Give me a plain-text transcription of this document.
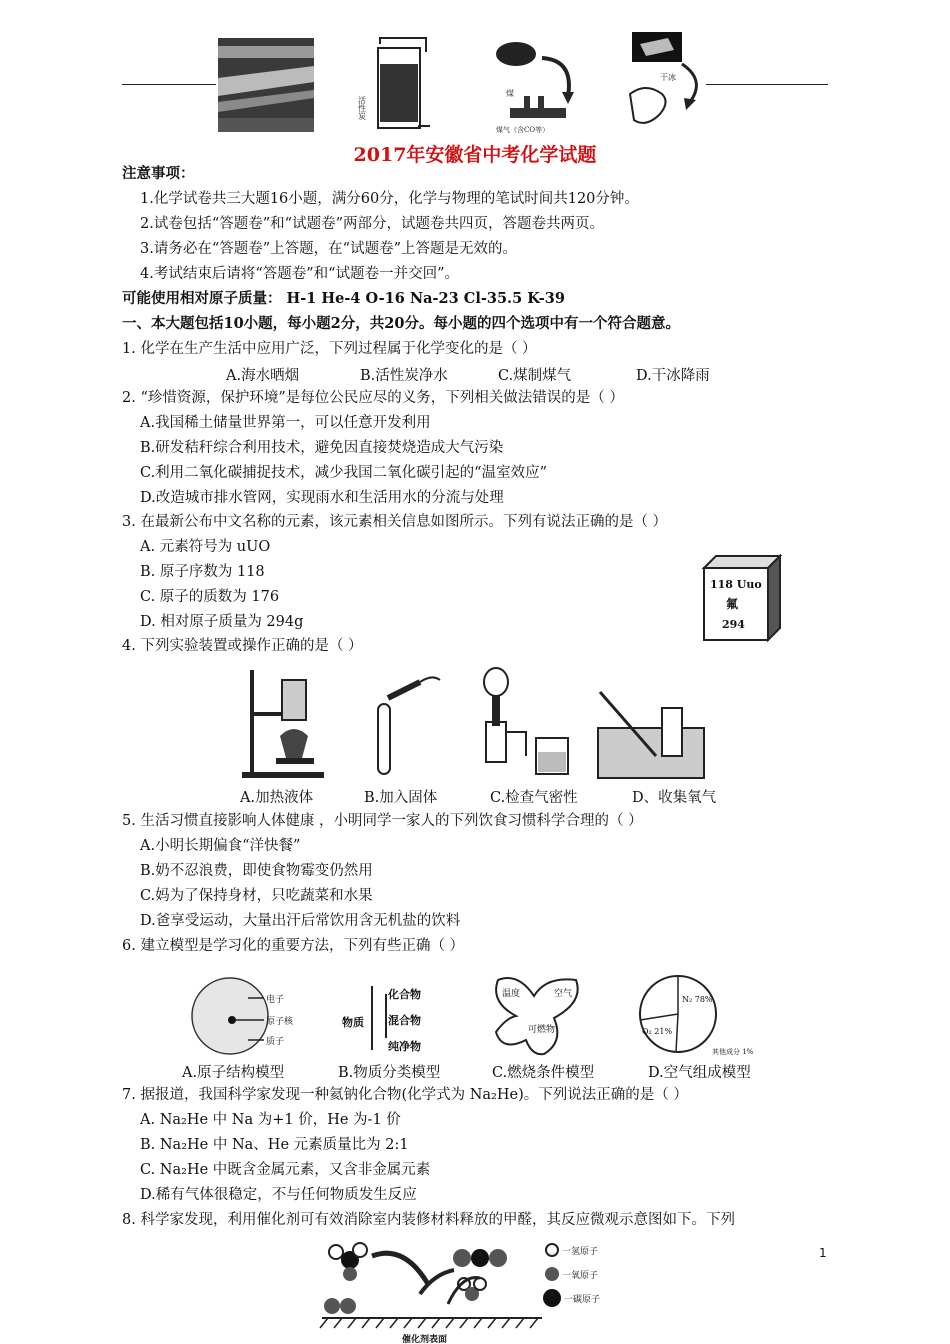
活性炭
煤
煤气（含CO等）
干冰
2017年安徽省中考化学试题
注意事项：
1.化学试卷共三大题16小题，满分60分，化学与物理的笔试时间共120分钟。
2.试卷包括“答题卷”和“试题卷”两部分，试题卷共四页，答题卷共两页。
3.请务必在“答题卷”上答题，在“试题卷”上答题是无效的。
4.考试结束后请将“答题卷”和“试题卷一并交回”。
可能使用相对原子质量： H-1 He-4 O-16 Na-23 Cl-35.5 K-39
一、本大题包括10小题，每小题2分，共20分。每小题的四个选项中有一个符合题意。
1. 化学在生产生活中应用广泛，下列过程属于化学变化的是（ ）
A.海水晒烟	B.活性炭净水	C.煤制煤气	D.干冰降雨
2. “珍惜资源，保护环境”是每位公民应尽的义务，下列相关做法错误的是（ ）
A.我国稀土储量世界第一，可以任意开发利用
B.研发秸秆综合利用技术，避免因直接焚烧造成大气污染
C.利用二氧化碳捕捉技术，减少我国二氧化碳引起的“温室效应”
D.改造城市排水管网，实现雨水和生活用水的分流与处理
3. 在最新公布中文名称的元素，该元素相关信息如图所示。下列有说法正确的是（ ）
A. 元素符号为 uUO
B. 原子序数为 118
C. 原子的质数为 176
D. 相对原子质量为 294g
118 Uuo
氟
294
4. 下列实验装置或操作正确的是（ ）
A.加热液体	B.加入固体	C.检查气密性	D、收集氧气
5. 生活习惯直接影响人体健康 ，小明同学一家人的下列饮食习惯科学合理的（ ）
A.小明长期偏食“洋快餐”
B.奶不忍浪费，即使食物霉变仍然用
C.妈为了保持身材，只吃蔬菜和水果
D.爸享受运动，大量出汗后常饮用含无机盐的饮料
6. 建立模型是学习化的重要方法，下列有些正确（ ）
电子
原子核
质子
物质
化合物
混合物
纯净物
温度
可燃物
空气
N₂ 78%
O₂ 21%
其他成分 1%
A.原子结构模型	B.物质分类模型	C.燃烧条件模型	D.空气组成模型
7. 据报道，我国科学家发现一种氦钠化合物(化学式为 Na₂He)。下列说法正确的是（ ）
A. Na₂He 中 Na 为+1 价，He 为-1 价
B. Na₂He 中 Na、He 元素质量比为 2:1
C. Na₂He 中既含金属元素，又含非金属元素
D.稀有气体很稳定，不与任何物质发生反应
8. 科学家发现，利用催化剂可有效消除室内装修材料释放的甲醛，其反应微观示意图如下。下列
催化剂表面
一氢原子
一氧原子
一碳原子
1
